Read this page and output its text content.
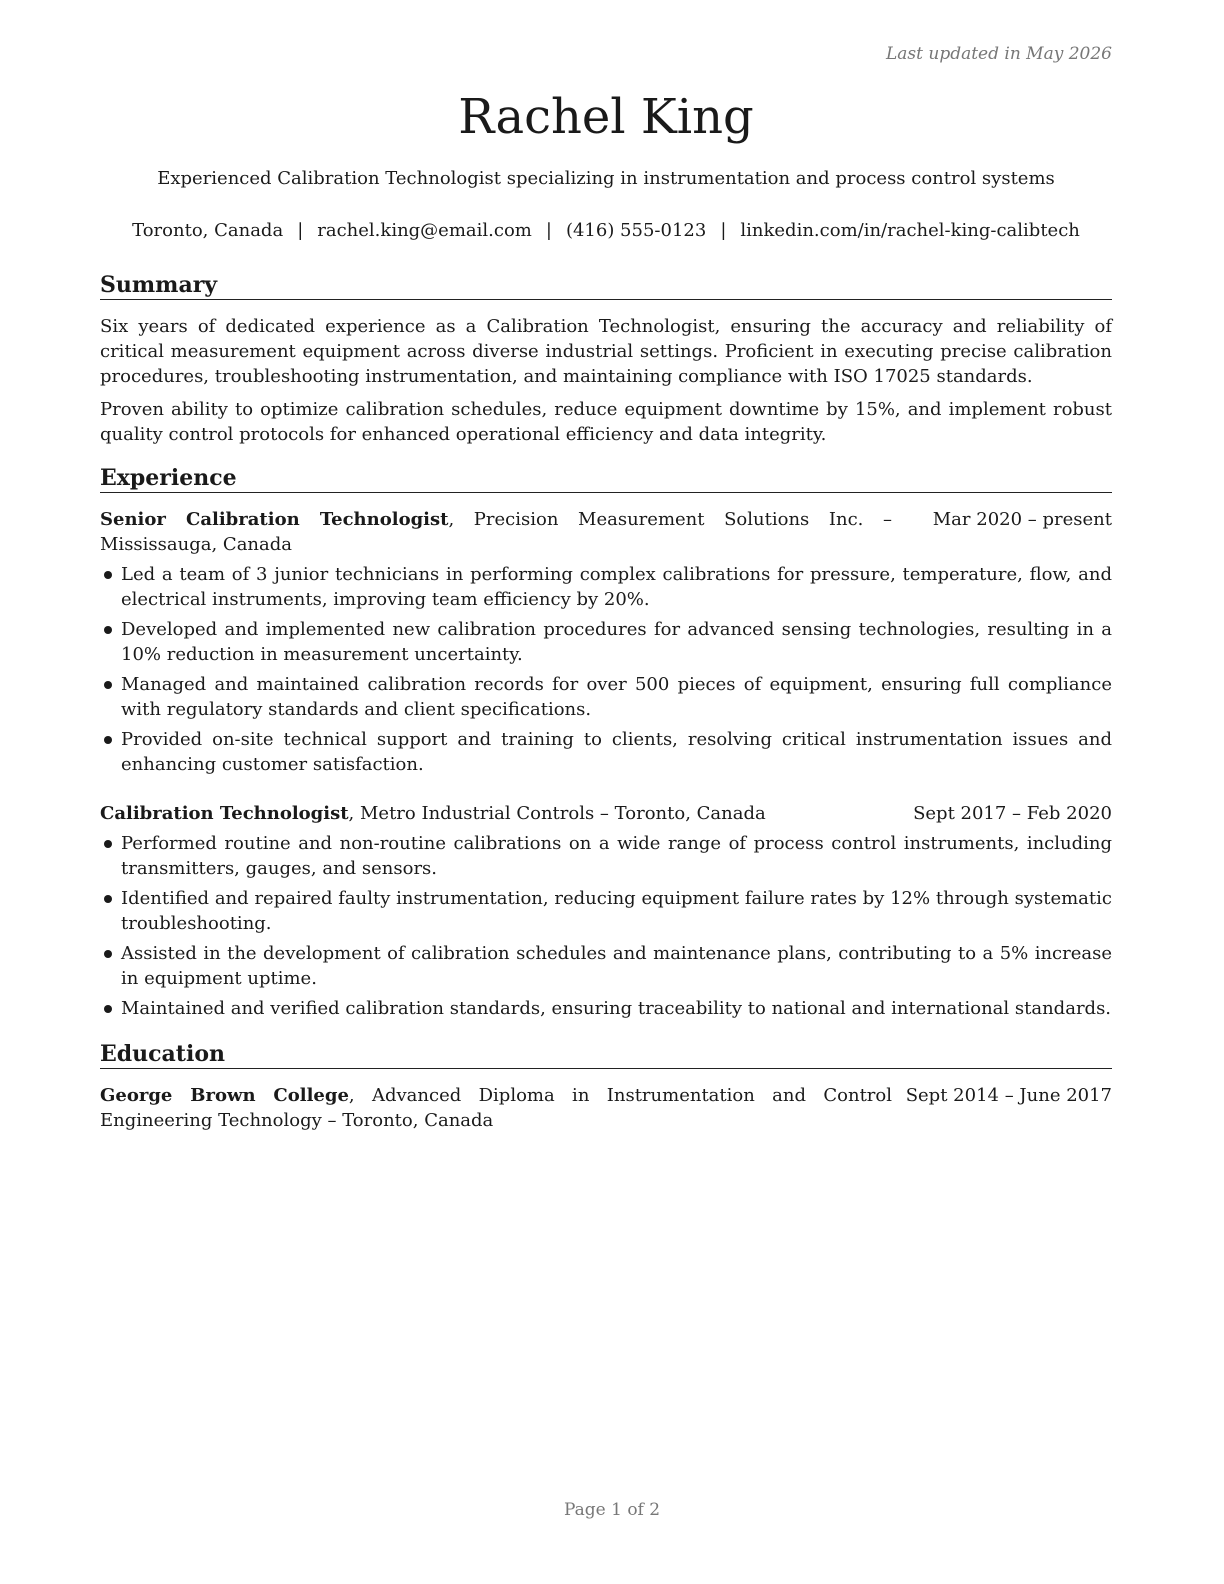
Last updated in May 2026
Rachel King
Experienced Calibration Technologist specializing in instrumentation and process control systems
Toronto, Canada | rachel.king@email.com | (416) 555-0123 | linkedin.com/in/rachel-king-calibtech
Summary

Six years of dedicated experience as a Calibration Technologist, ensuring the accuracy and reliability of critical measurement equipment across diverse industrial settings. Proficient in executing precise calibration procedures, troubleshooting instrumentation, and maintaining compliance with ISO 17025 standards.

Proven ability to optimize calibration schedules, reduce equipment downtime by 15%, and implement robust quality control protocols for enhanced operational efficiency and data integrity.

Experience
Senior Calibration Technologist, Precision Measurement Solutions Inc. – Mississauga, Canada
Mar 2020 – present
Led a team of 3 junior technicians in performing complex calibrations for pressure, temperature, flow, and electrical instruments, improving team efficiency by 20%.
Developed and implemented new calibration procedures for advanced sensing technologies, resulting in a 10% reduction in measurement uncertainty.
Managed and maintained calibration records for over 500 pieces of equipment, ensuring full compliance with regulatory standards and client specifications.
Provided on-site technical support and training to clients, resolving critical instrumentation issues and enhancing customer satisfaction.
Calibration Technologist, Metro Industrial Controls – Toronto, Canada	Sept 2017 – Feb 2020
Performed routine and non-routine calibrations on a wide range of process control instruments, including transmitters, gauges, and sensors.
Identified and repaired faulty instrumentation, reducing equipment failure rates by 12% through systematic troubleshooting.
Assisted in the development of calibration schedules and maintenance plans, contributing to a 5% increase in equipment uptime.
Maintained and verified calibration standards, ensuring traceability to national and international standards.
Education
George Brown College, Advanced Diploma in Instrumentation and Control Engineering Technology – Toronto, Canada
Sept 2014 – June 2017
Page 1 of 2
